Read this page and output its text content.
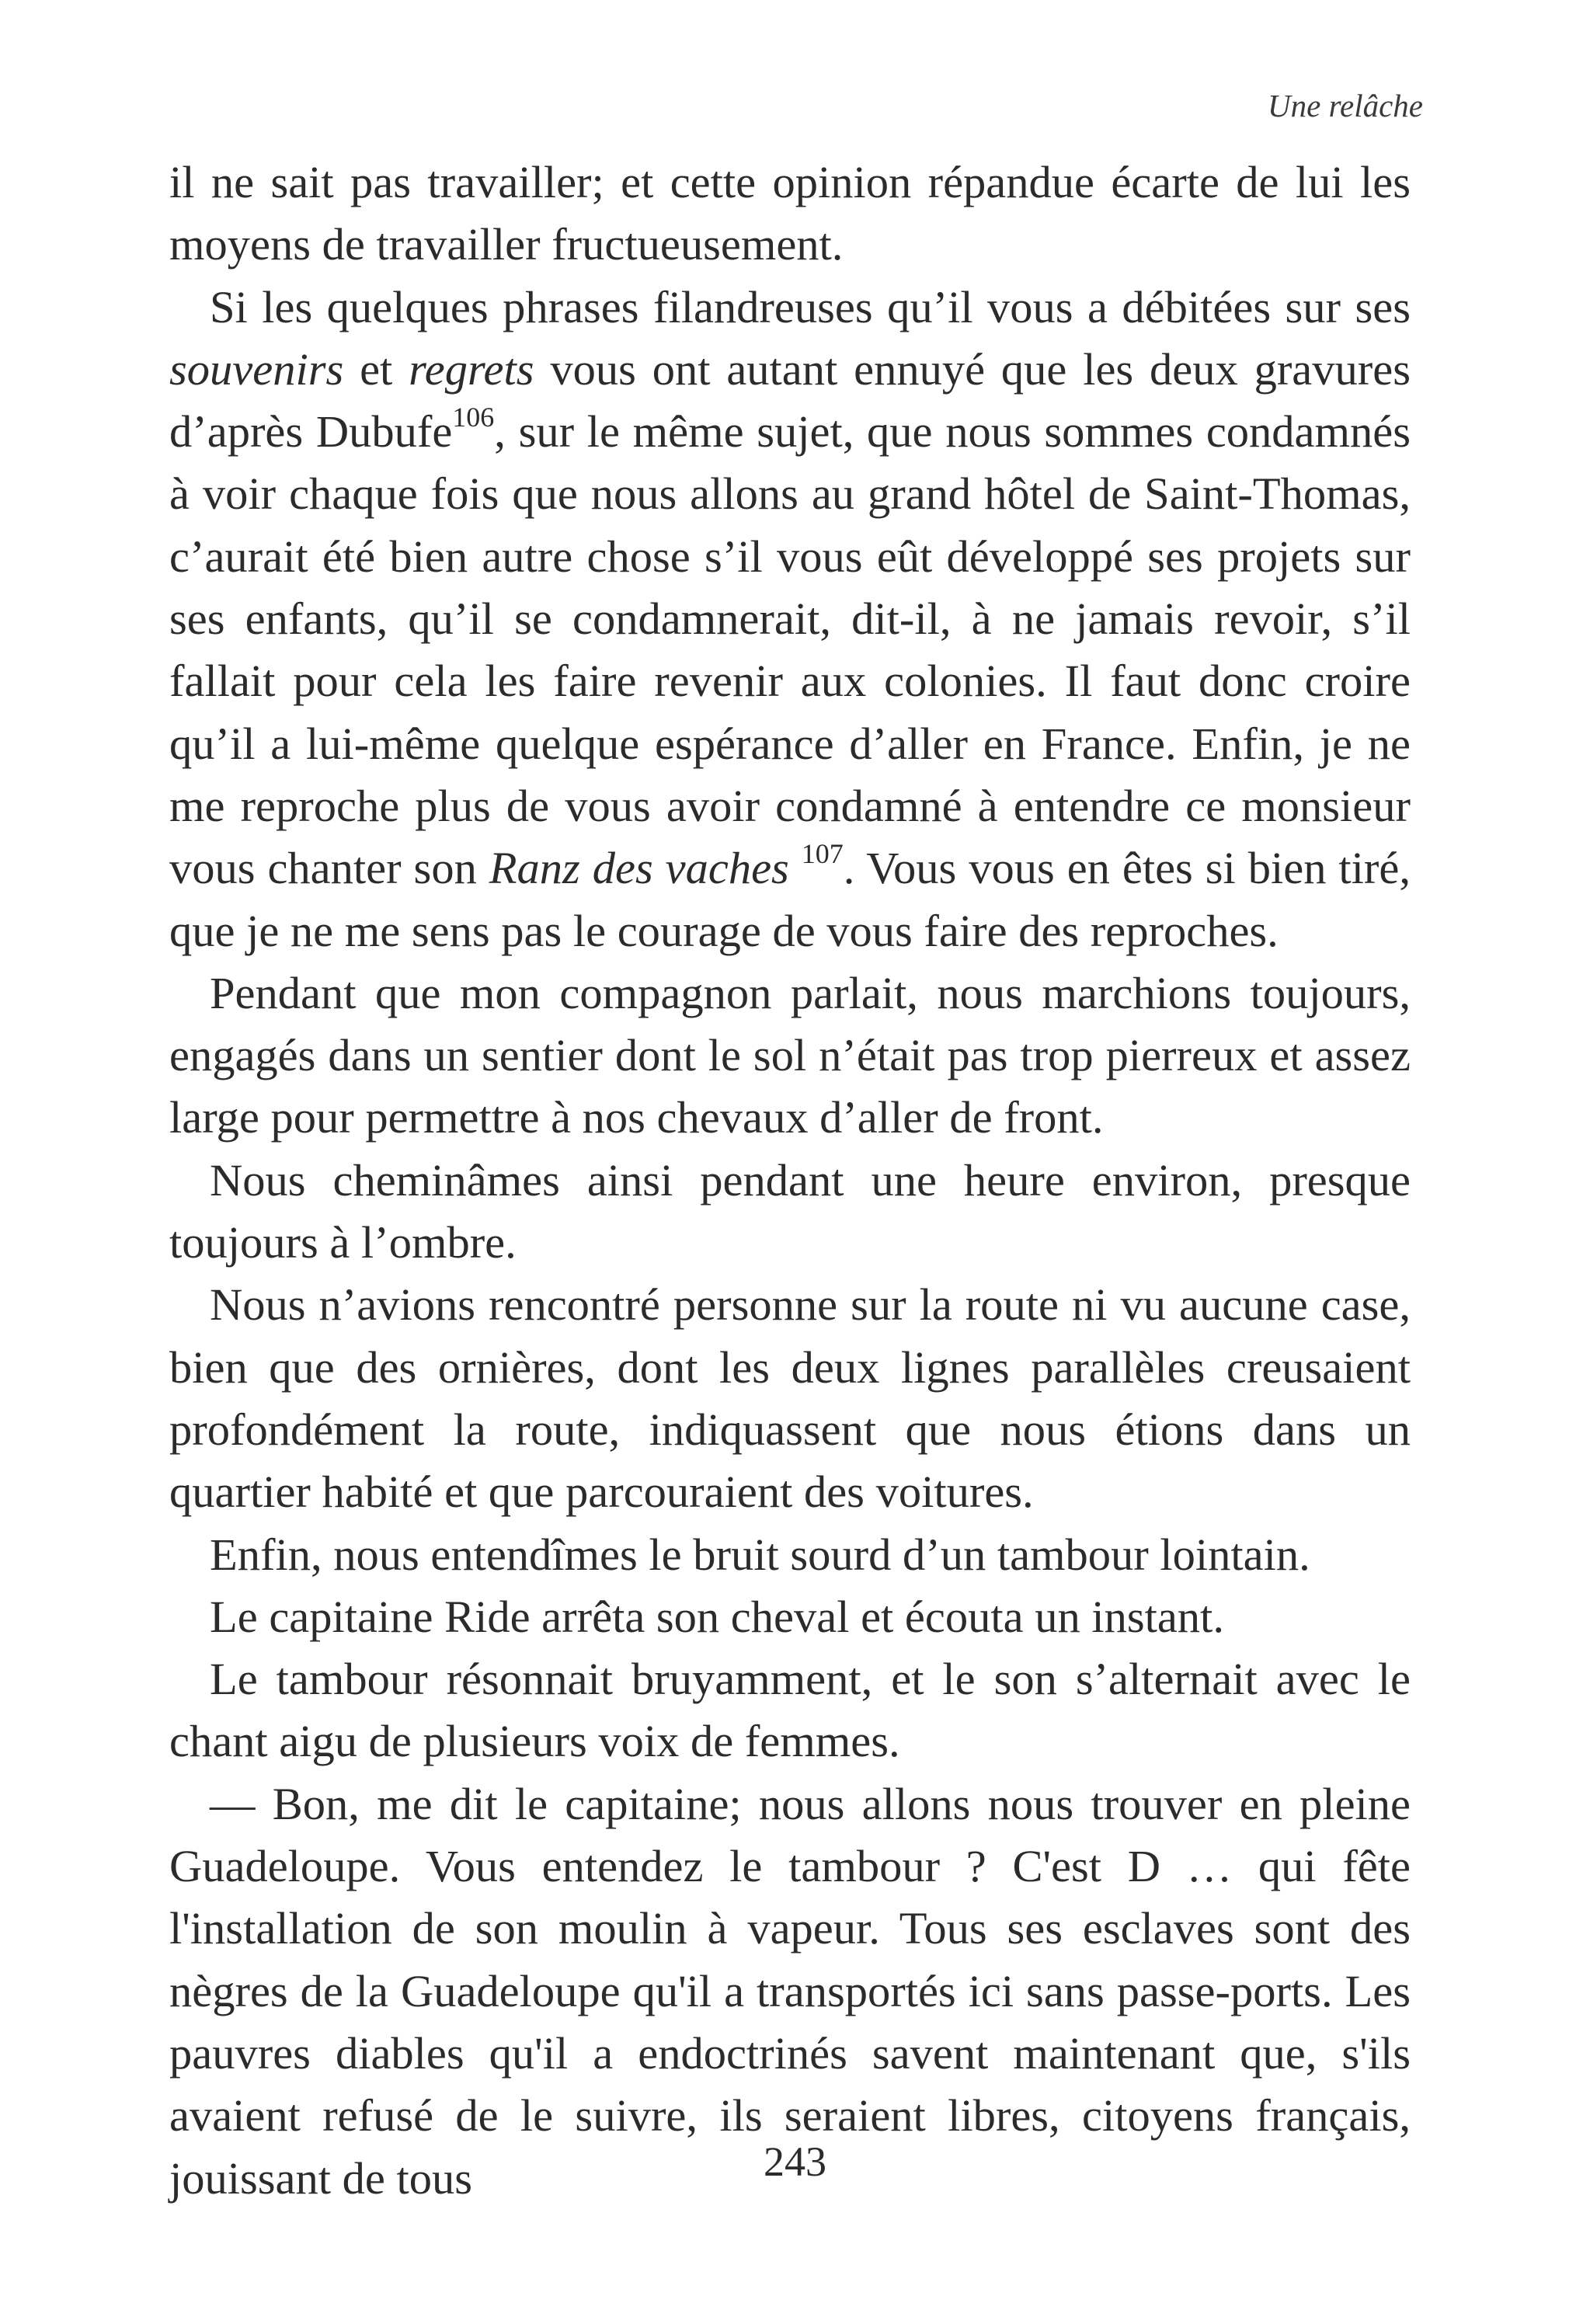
Une relâche

il ne sait pas travailler; et cette opinion répandue écarte de lui les moyens de travailler fructueusement.

Si les quelques phrases filandreuses qu’il vous a débitées sur ses souvenirs et regrets vous ont autant ennuyé que les deux gravures d’après Dubufe$^{106}$, sur le même sujet, que nous sommes condamnés à voir chaque fois que nous allons au grand hôtel de Saint-Thomas, c’aurait été bien autre chose s’il vous eût développé ses projets sur ses enfants, qu’il se condamnerait, dit-il, à ne jamais revoir, s’il fallait pour cela les faire revenir aux colonies. Il faut donc croire qu’il a lui-même quelque espérance d’aller en France. Enfin, je ne me reproche plus de vous avoir condamné à entendre ce monsieur vous chanter son Ranz des vaches $^{107}$. Vous vous en êtes si bien tiré, que je ne me sens pas le courage de vous faire des reproches.

Pendant que mon compagnon parlait, nous marchions toujours, engagés dans un sentier dont le sol n’était pas trop pierreux et assez large pour permettre à nos chevaux d’aller de front.

Nous cheminâmes ainsi pendant une heure environ, presque toujours à l’ombre.

Nous n’avions rencontré personne sur la route ni vu aucune case, bien que des ornières, dont les deux lignes parallèles creusaient profondément la route, indiquassent que nous étions dans un quartier habité et que parcouraient des voitures.

Enfin, nous entendîmes le bruit sourd d’un tambour lointain.

Le capitaine Ride arrêta son cheval et écouta un instant.

Le tambour résonnait bruyamment, et le son s’alternait avec le chant aigu de plusieurs voix de femmes.

— Bon, me dit le capitaine; nous allons nous trouver en pleine Guadeloupe. Vous entendez le tambour ? C'est D … qui fête l'installation de son moulin à vapeur. Tous ses esclaves sont des nègres de la Guadeloupe qu'il a transportés ici sans passe-ports. Les pauvres diables qu'il a endoctrinés savent maintenant que, s'ils avaient refusé de le suivre, ils seraient libres, citoyens français, jouissant de tous	243
